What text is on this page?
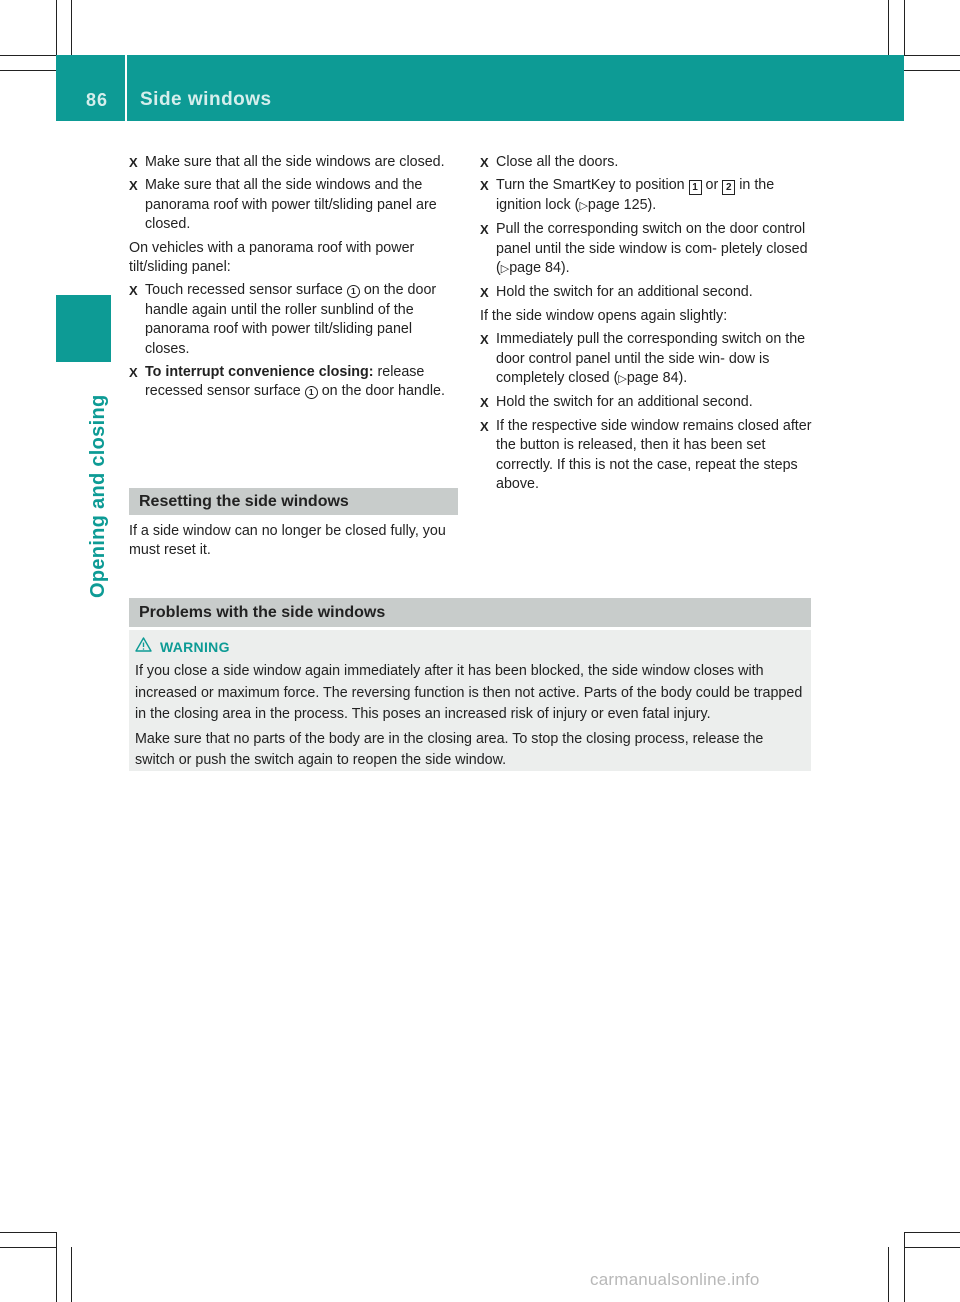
86 Side windows
Opening and closing
X Make sure that all the side windows are closed.
X Make sure that all the side windows and the panorama roof with power tilt/sliding panel are closed.
On vehicles with a panorama roof with power tilt/sliding panel:
X Touch recessed sensor surface 1 on the door handle again until the roller sunblind of the panorama roof with power tilt/sliding panel closes.
X To interrupt convenience closing: release recessed sensor surface 1 on the door handle.
Resetting the side windows
If a side window can no longer be closed fully, you must reset it.
X Close all the doors.
X Turn the SmartKey to position 1 or 2 in the ignition lock (▷page 125).
X Pull the corresponding switch on the door control panel until the side window is com- pletely closed (▷page 84).
X Hold the switch for an additional second.
If the side window opens again slightly:
X Immediately pull the corresponding switch on the door control panel until the side win- dow is completely closed (▷page 84).
X Hold the switch for an additional second.
X If the respective side window remains closed after the button is released, then it has been set correctly. If this is not the case, repeat the steps above.
Problems with the side windows
WARNING

If you close a side window again immediately after it has been blocked, the side window closes with increased or maximum force. The reversing function is then not active. Parts of the body could be trapped in the closing area in the process. This poses an increased risk of injury or even fatal injury.

Make sure that no parts of the body are in the closing area. To stop the closing process, release the switch or push the switch again to reopen the side window.

carmanualsonline.info
